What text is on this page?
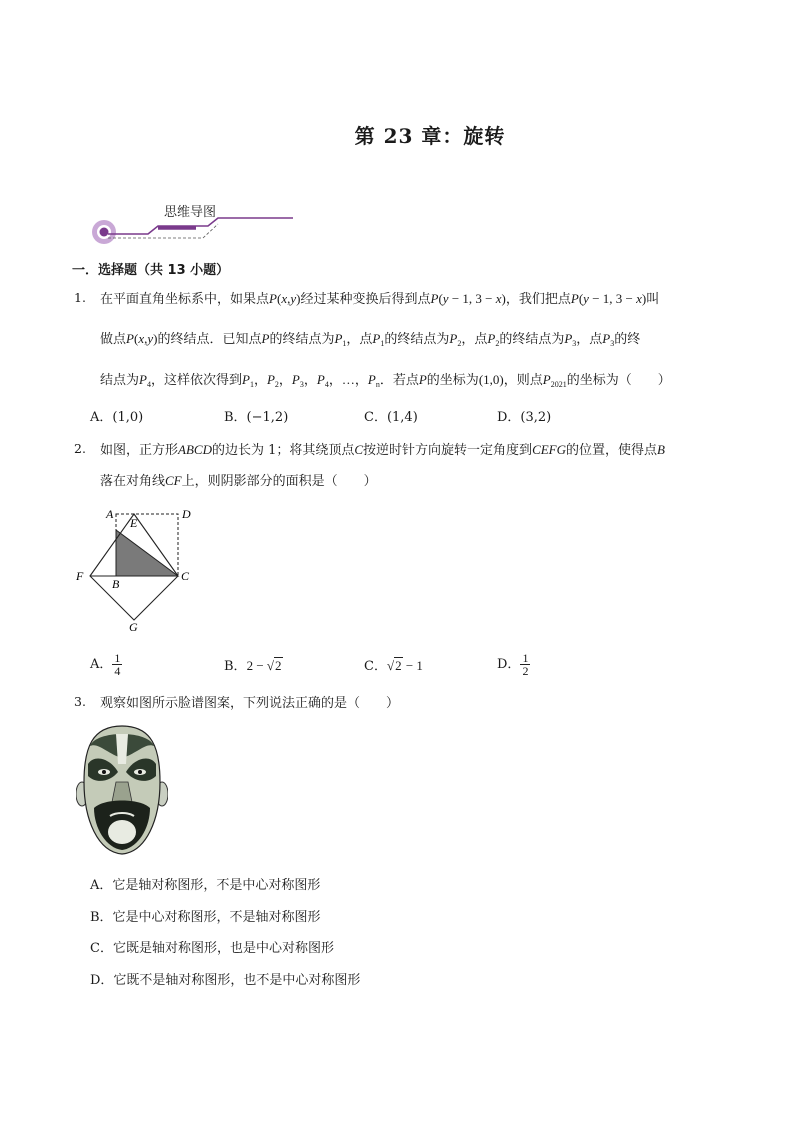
第 23 章：旋转
思维导图
一．选择题（共 13 小题）
1. 在平面直角坐标系中，如果点P(x,y)经过某种变换后得到点P(y − 1, 3 − x)，我们把点P(y − 1, 3 − x)叫
做点P(x,y)的终结点．已知点P的终结点为$P_1$，点$P_1$的终结点为$P_2$，点$P_2$的终结点为$P_3$，点$P_3$的终
结点为$P_4$，这样依次得到$P_1$，$P_2$，$P_3$，$P_4$，…，$P_n$．若点P的坐标为(1,0)，则点$P_{2021}$的坐标为（　　）
A．(1,0)	B．(−1,2)	C．(1,4)	D．(3,2)
2. 如图，正方形ABCD的边长为 1；将其绕顶点C按逆时针方向旋转一定角度到CEFG的位置，使得点B
落在对角线CF上，则阴影部分的面积是（　　）
A
E
D
F
B
C
G
A． $\frac{1}{4}$	B．2 − √2	C．√2 − 1	D． $\frac{1}{2}$
3. 观察如图所示脸谱图案，下列说法正确的是（　　）
A．它是轴对称图形，不是中心对称图形
B．它是中心对称图形，不是轴对称图形
C．它既是轴对称图形，也是中心对称图形
D．它既不是轴对称图形，也不是中心对称图形
